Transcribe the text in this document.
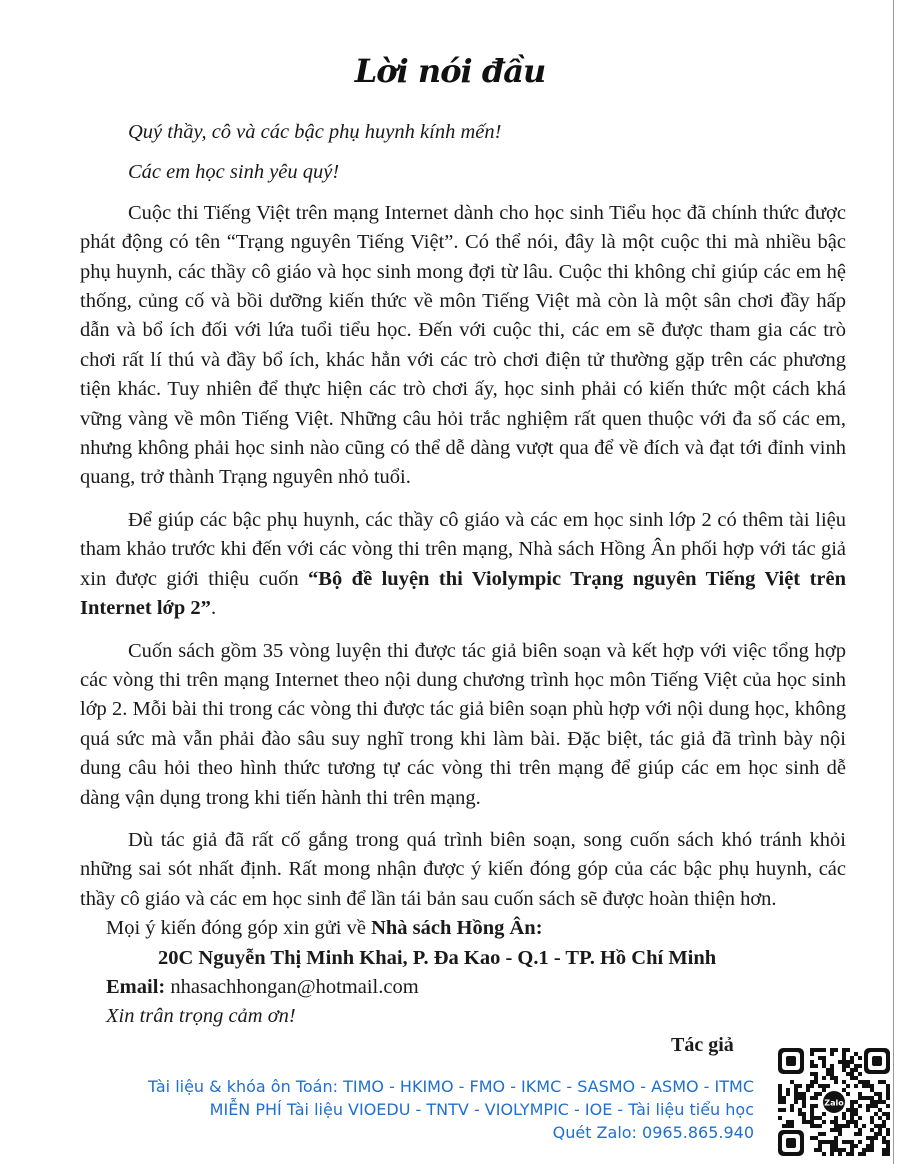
Lời nói đầu

Quý thầy, cô và các bậc phụ huynh kính mến!

Các em học sinh yêu quý!

Cuộc thi Tiếng Việt trên mạng Internet dành cho học sinh Tiểu học đã chính thức được phát động có tên “Trạng nguyên Tiếng Việt”. Có thể nói, đây là một cuộc thi mà nhiều bậc phụ huynh, các thầy cô giáo và học sinh mong đợi từ lâu. Cuộc thi không chỉ giúp các em hệ thống, củng cố và bồi dưỡng kiến thức về môn Tiếng Việt mà còn là một sân chơi đầy hấp dẫn và bổ ích đối với lứa tuổi tiểu học. Đến với cuộc thi, các em sẽ được tham gia các trò chơi rất lí thú và đầy bổ ích, khác hẳn với các trò chơi điện tử thường gặp trên các phương tiện khác. Tuy nhiên để thực hiện các trò chơi ấy, học sinh phải có kiến thức một cách khá vững vàng về môn Tiếng Việt. Những câu hỏi trắc nghiệm rất quen thuộc với đa số các em, nhưng không phải học sinh nào cũng có thể dễ dàng vượt qua để về đích và đạt tới đỉnh vinh quang, trở thành Trạng nguyên nhỏ tuổi.

Để giúp các bậc phụ huynh, các thầy cô giáo và các em học sinh lớp 2 có thêm tài liệu tham khảo trước khi đến với các vòng thi trên mạng, Nhà sách Hồng Ân phối hợp với tác giả xin được giới thiệu cuốn “Bộ đề luyện thi Violympic Trạng nguyên Tiếng Việt trên Internet lớp 2”.

Cuốn sách gồm 35 vòng luyện thi được tác giả biên soạn và kết hợp với việc tổng hợp các vòng thi trên mạng Internet theo nội dung chương trình học môn Tiếng Việt của học sinh lớp 2. Mỗi bài thi trong các vòng thi được tác giả biên soạn phù hợp với nội dung học, không quá sức mà vẫn phải đào sâu suy nghĩ trong khi làm bài. Đặc biệt, tác giả đã trình bày nội dung câu hỏi theo hình thức tương tự các vòng thi trên mạng để giúp các em học sinh dễ dàng vận dụng trong khi tiến hành thi trên mạng.

Dù tác giả đã rất cố gắng trong quá trình biên soạn, song cuốn sách khó tránh khỏi những sai sót nhất định. Rất mong nhận được ý kiến đóng góp của các bậc phụ huynh, các thầy cô giáo và các em học sinh để lần tái bản sau cuốn sách sẽ được hoàn thiện hơn.

Mọi ý kiến đóng góp xin gửi về Nhà sách Hồng Ân:
20C Nguyễn Thị Minh Khai, P. Đa Kao - Q.1 - TP. Hồ Chí Minh
Email: nhasachhongan@hotmail.com
Xin trân trọng cảm ơn!
Tác giả
Tài liệu & khóa ôn Toán: TIMO - HKIMO - FMO - IKMC - SASMO - ASMO - ITMC
MIỄN PHÍ Tài liệu VIOEDU - TNTV - VIOLYMPIC - IOE - Tài liệu tiểu học
Quét Zalo: 0965.865.940
Zalo
